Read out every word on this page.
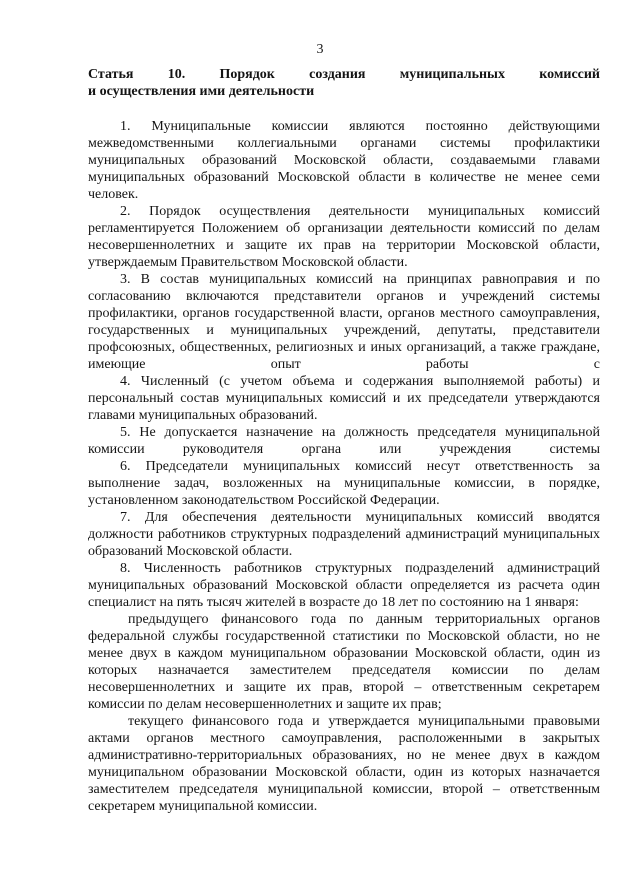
3
Статья 10. Порядок создания муниципальных комиссий
и осуществления ими деятельности

1. Муниципальные комиссии являются постоянно действующими межведомственными коллегиальными органами системы профилактики муниципальных образований Московской области, создаваемыми главами муниципальных образований Московской области в количестве не менее семи человек.

2. Порядок осуществления деятельности муниципальных комиссий регламентируется Положением об организации деятельности комиссий по делам несовершеннолетних и защите их прав на территории Московской области, утверждаемым Правительством Московской области.

3. В состав муниципальных комиссий на принципах равноправия и по согласованию включаются представители органов и учреждений системы профилактики, органов государственной власти, органов местного самоуправления, государственных и муниципальных учреждений, депутаты, представители профсоюзных, общественных, религиозных и иных организаций, а также граждане, имеющие опыт работы с

4. Численный (с учетом объема и содержания выполняемой работы) и персональный состав муниципальных комиссий и их председатели утверждаются главами муниципальных образований.

5. Не допускается назначение на должность председателя муниципальной комиссии руководителя органа или учреждения системы

6. Председатели муниципальных комиссий несут ответственность за выполнение задач, возложенных на муниципальные комиссии, в порядке, установленном законодательством Российской Федерации.

7. Для обеспечения деятельности муниципальных комиссий вводятся должности работников структурных подразделений администраций муниципальных образований Московской области.

8. Численность работников структурных подразделений администраций муниципальных образований Московской области определяется из расчета один специалист на пять тысяч жителей в возрасте до 18 лет по состоянию на 1 января:

предыдущего финансового года по данным территориальных органов федеральной службы государственной статистики по Московской области, но не менее двух в каждом муниципальном образовании Московской области, один из которых назначается заместителем председателя комиссии по делам несовершеннолетних и защите их прав, второй – ответственным секретарем комиссии по делам несовершеннолетних и защите их прав;

текущего финансового года и утверждается муниципальными правовыми актами органов местного самоуправления, расположенными в закрытых административно-территориальных образованиях, но не менее двух в каждом муниципальном образовании Московской области, один из которых назначается заместителем председателя муниципальной комиссии, второй – ответственным секретарем муниципальной комиссии.
